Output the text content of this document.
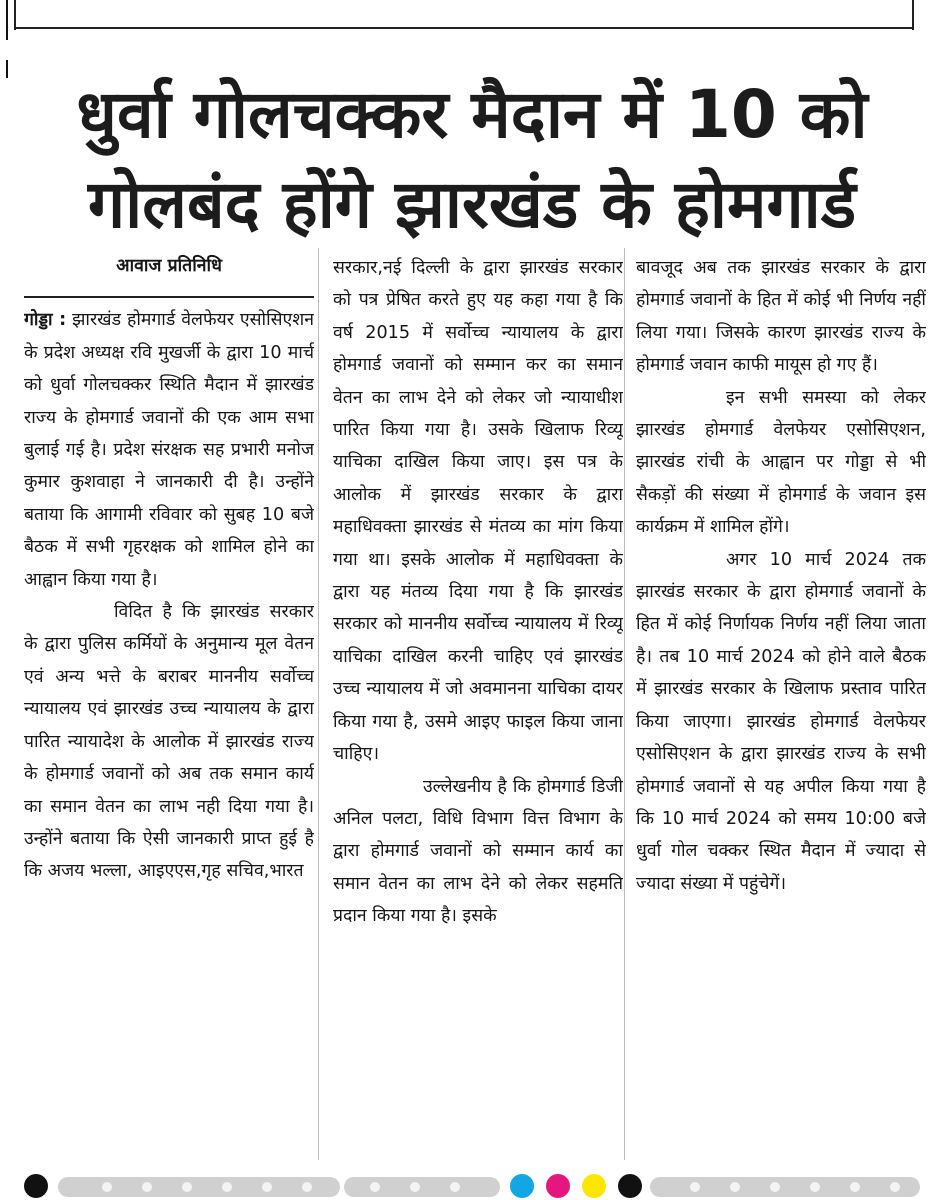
धुर्वा गोलचक्कर मैदान में 10 को
गोलबंद होंगे झारखंड के होमगार्ड
आवाज प्रतिनिधि

गोड्डा : झारखंड होमगार्ड वेलफेयर एसोसिएशन के प्रदेश अध्यक्ष रवि मुखर्जी के द्वारा 10 मार्च को धुर्वा गोलचक्कर स्थिति मैदान में झारखंड राज्य के होमगार्ड जवानों की एक आम सभा बुलाई गई है। प्रदेश संरक्षक सह प्रभारी मनोज कुमार कुशवाहा ने जानकारी दी है। उन्होंने बताया कि आगामी रविवार को सुबह 10 बजे बैठक में सभी गृहरक्षक को शामिल होने का आह्वान किया गया है।

विदित है कि झारखंड सरकार के द्वारा पुलिस कर्मियों के अनुमान्य मूल वेतन एवं अन्य भत्ते के बराबर माननीय सर्वोच्च न्यायालय एवं झारखंड उच्च न्यायालय के द्वारा पारित न्यायादेश के आलोक में झारखंड राज्य के होमगार्ड जवानों को अब तक समान कार्य का समान वेतन का लाभ नही दिया गया है। उन्होंने बताया कि ऐसी जानकारी प्राप्त हुई है कि अजय भल्ला, आइएएस,गृह सचिव,भारत

सरकार,नई दिल्ली के द्वारा झारखंड सरकार को पत्र प्रेषित करते हुए यह कहा गया है कि वर्ष 2015 में सर्वोच्च न्यायालय के द्वारा होमगार्ड जवानों को सम्मान कर का समान वेतन का लाभ देने को लेकर जो न्यायाधीश पारित किया गया है। उसके खिलाफ रिव्यू याचिका दाखिल किया जाए। इस पत्र के आलोक में झारखंड सरकार के द्वारा महाधिवक्ता झारखंड से मंतव्य का मांग किया गया था। इसके आलोक में महाधिवक्ता के द्वारा यह मंतव्य दिया गया है कि झारखंड सरकार को माननीय सर्वोच्च न्यायालय में रिव्यू याचिका दाखिल करनी चाहिए एवं झारखंड उच्च न्यायालय में जो अवमानना याचिका दायर किया गया है, उसमे आइए फाइल किया जाना चाहिए।

उल्लेखनीय है कि होमगार्ड डिजी अनिल पलटा, विधि विभाग वित्त विभाग के द्वारा होमगार्ड जवानों को सम्मान कार्य का समान वेतन का लाभ देने को लेकर सहमति प्रदान किया गया है। इसके

बावजूद अब तक झारखंड सरकार के द्वारा होमगार्ड जवानों के हित में कोई भी निर्णय नहीं लिया गया। जिसके कारण झारखंड राज्य के होमगार्ड जवान काफी मायूस हो गए हैं।

इन सभी समस्या को लेकर झारखंड होमगार्ड वेलफेयर एसोसिएशन, झारखंड रांची के आह्वान पर गोड्डा से भी सैकड़ों की संख्या में होमगार्ड के जवान इस कार्यक्रम में शामिल होंगे।

अगर 10 मार्च 2024 तक झारखंड सरकार के द्वारा होमगार्ड जवानों के हित में कोई निर्णायक निर्णय नहीं लिया जाता है। तब 10 मार्च 2024 को होने वाले बैठक में झारखंड सरकार के खिलाफ प्रस्ताव पारित किया जाएगा। झारखंड होमगार्ड वेलफेयर एसोसिएशन के द्वारा झारखंड राज्य के सभी होमगार्ड जवानों से यह अपील किया गया है कि 10 मार्च 2024 को समय 10:00 बजे धुर्वा गोल चक्कर स्थित मैदान में ज्यादा से ज्यादा संख्या में पहुंचेगें।
